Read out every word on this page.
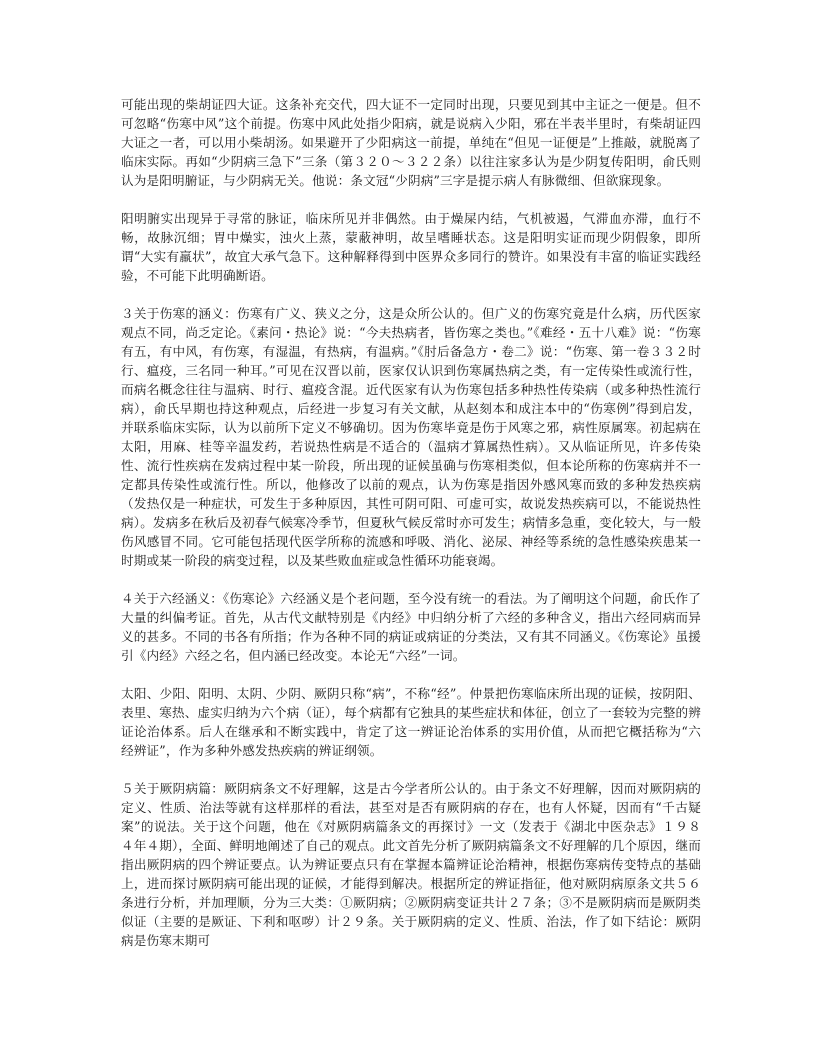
可能出现的柴胡证四大证。这条补充交代，四大证不一定同时出现，只要见到其中主证之一便是。但不可忽略“伤寒中风”这个前提。伤寒中风此处指少阳病，就是说病入少阳，邪在半表半里时，有柴胡证四大证之一者，可以用小柴胡汤。如果避开了少阳病这一前提，单纯在“但见一证便是”上推敲，就脱离了临床实际。再如“少阴病三急下”三条（第３２０～３２２条）以往注家多认为是少阴复传阳明，俞氏则认为是阳明腑证，与少阴病无关。他说：条文冠“少阴病”三字是提示病人有脉微细、但欲寐现象。

阳明腑实出现异于寻常的脉证，临床所见并非偶然。由于燥屎内结，气机被遏，气滞血亦滞，血行不畅，故脉沉细；胃中燥实，浊火上蒸，蒙蔽神明，故呈嗜睡状态。这是阳明实证而现少阴假象，即所谓“大实有羸状”，故宜大承气急下。这种解释得到中医界众多同行的赞许。如果没有丰富的临证实践经验，不可能下此明确断语。

３关于伤寒的涵义：伤寒有广义、狭义之分，这是众所公认的。但广义的伤寒究竟是什么病，历代医家观点不同，尚乏定论。《素问・热论》说：“今夫热病者，皆伤寒之类也。”《难经・五十八难》说：“伤寒有五，有中风，有伤寒，有湿温，有热病，有温病。”《肘后备急方・卷二》说：“伤寒、第一卷３３２时行、瘟疫，三名同一种耳。”可见在汉晋以前，医家仅认识到伤寒属热病之类，有一定传染性或流行性，而病名概念往往与温病、时行、瘟疫含混。近代医家有认为伤寒包括多种热性传染病（或多种热性流行病），俞氏早期也持这种观点，后经进一步复习有关文献，从赵刻本和成注本中的“伤寒例”得到启发，并联系临床实际，认为以前所下定义不够确切。因为伤寒毕竟是伤于风寒之邪，病性原属寒。初起病在太阳，用麻、桂等辛温发药，若说热性病是不适合的（温病才算属热性病）。又从临证所见，许多传染性、流行性疾病在发病过程中某一阶段，所出现的证候虽确与伤寒相类似，但本论所称的伤寒病并不一定都具传染性或流行性。所以，他修改了以前的观点，认为伤寒是指因外感风寒而致的多种发热疾病（发热仅是一种症状，可发生于多种原因，其性可阴可阳、可虚可实，故说发热疾病可以，不能说热性病）。发病多在秋后及初春气候寒冷季节，但夏秋气候反常时亦可发生；病情多急重，变化较大，与一般伤风感冒不同。它可能包括现代医学所称的流感和呼吸、消化、泌尿、神经等系统的急性感染疾患某一时期或某一阶段的病变过程，以及某些败血症或急性循环功能衰竭。

４关于六经涵义：《伤寒论》六经涵义是个老问题，至今没有统一的看法。为了阐明这个问题，俞氏作了大量的纠偏考证。首先，从古代文献特别是《内经》中归纳分析了六经的多种含义，指出六经同病而异义的甚多。不同的书各有所指；作为各种不同的病证或病证的分类法，又有其不同涵义。《伤寒论》虽援引《内经》六经之名，但内涵已经改变。本论无“六经”一词。

太阳、少阳、阳明、太阴、少阴、厥阴只称“病”，不称“经”。仲景把伤寒临床所出现的证候，按阴阳、表里、寒热、虚实归纳为六个病（证），每个病都有它独具的某些症状和体征，创立了一套较为完整的辨证论治体系。后人在继承和不断实践中，肯定了这一辨证论治体系的实用价值，从而把它概括称为“六经辨证”，作为多种外感发热疾病的辨证纲领。

５关于厥阴病篇：厥阴病条文不好理解，这是古今学者所公认的。由于条文不好理解，因而对厥阴病的定义、性质、治法等就有这样那样的看法，甚至对是否有厥阴病的存在，也有人怀疑，因而有“千古疑案”的说法。关于这个问题，他在《对厥阴病篇条文的再探讨》一文（发表于《湖北中医杂志》１９８４年４期），全面、鲜明地阐述了自己的观点。此文首先分析了厥阴病篇条文不好理解的几个原因，继而指出厥阴病的四个辨证要点。认为辨证要点只有在掌握本篇辨证论治精神，根据伤寒病传变特点的基础上，进而探讨厥阴病可能出现的证候，才能得到解决。根据所定的辨证指征，他对厥阴病原条文共５６条进行分析，并加理顺，分为三大类：①厥阴病；②厥阴病变证共计２７条；③不是厥阴病而是厥阴类似证（主要的是厥证、下利和呕哕）计２９条。关于厥阴病的定义、性质、治法，作了如下结论：厥阴病是伤寒末期可
